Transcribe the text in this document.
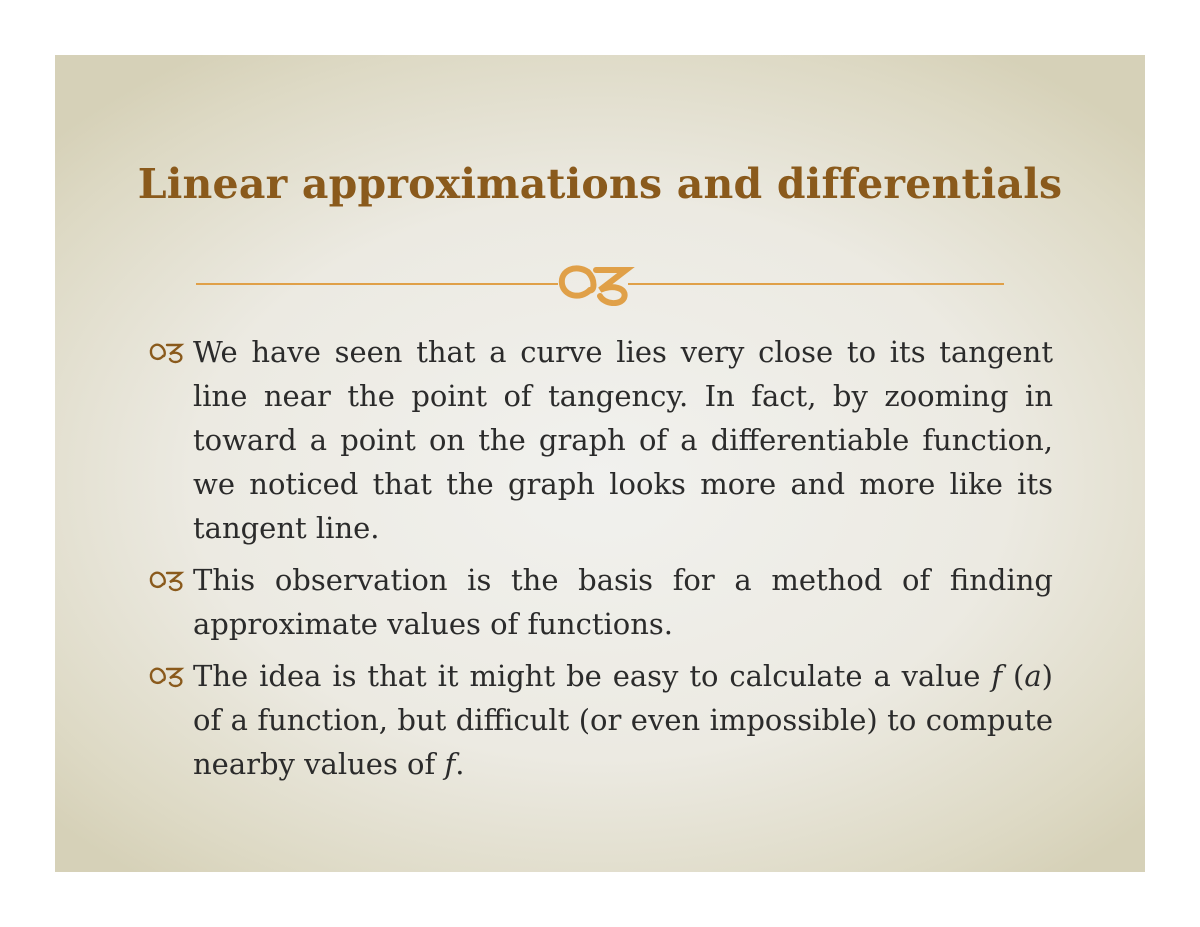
Linear approximations and differentials
We have seen that a curve lies very close to its tangent line near the point of tangency. In fact, by zooming in toward a point on the graph of a differentiable function, we noticed that the graph looks more and more like its tangent line.
This observation is the basis for a method of finding approximate values of functions.
The idea is that it might be easy to calculate a value f (a) of a function, but difficult (or even impossible) to compute nearby values of f.
